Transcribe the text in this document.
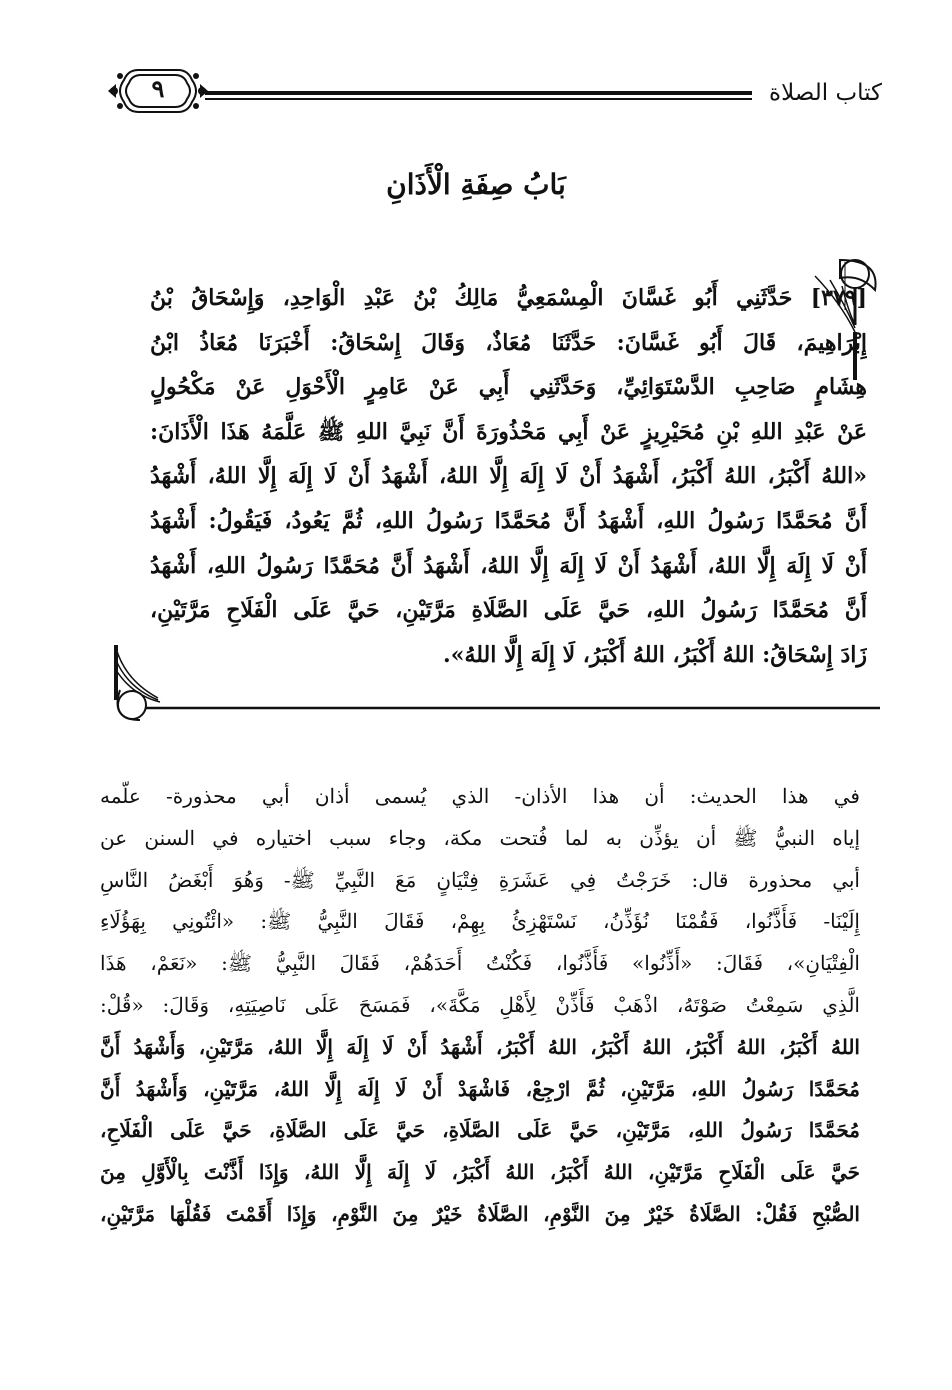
كتاب الصلاة
٩
بَابُ صِفَةِ الْأَذَانِ
[٣٧٩] حَدَّثَنِي أَبُو غَسَّانَ الْمِسْمَعِيُّ مَالِكُ بْنُ عَبْدِ الْوَاحِدِ، وَإِسْحَاقُ بْنُ
إِبْرَاهِيمَ، قَالَ أَبُو غَسَّانَ: حَدَّثَنَا مُعَاذٌ، وَقَالَ إِسْحَاقُ: أَخْبَرَنَا مُعَاذُ ابْنُ
هِشَامٍ صَاحِبِ الدَّسْتَوَائِيِّ، وَحَدَّثَنِي أَبِي عَنْ عَامِرٍ الْأَحْوَلِ عَنْ مَكْحُولٍ
عَنْ عَبْدِ اللهِ بْنِ مُحَيْرِيزٍ عَنْ أَبِي مَحْذُورَةَ أَنَّ نَبِيَّ اللهِ ﷺ عَلَّمَهُ هَذَا الْأَذَانَ:
«اللهُ أَكْبَرُ، اللهُ أَكْبَرُ، أَشْهَدُ أَنْ لَا إِلَهَ إِلَّا اللهُ، أَشْهَدُ أَنْ لَا إِلَهَ إِلَّا اللهُ، أَشْهَدُ
أَنَّ مُحَمَّدًا رَسُولُ اللهِ، أَشْهَدُ أَنَّ مُحَمَّدًا رَسُولُ اللهِ، ثُمَّ يَعُودُ، فَيَقُولُ: أَشْهَدُ
أَنْ لَا إِلَهَ إِلَّا اللهُ، أَشْهَدُ أَنْ لَا إِلَهَ إِلَّا اللهُ، أَشْهَدُ أَنَّ مُحَمَّدًا رَسُولُ اللهِ، أَشْهَدُ
أَنَّ مُحَمَّدًا رَسُولُ اللهِ، حَيَّ عَلَى الصَّلَاةِ مَرَّتَيْنِ، حَيَّ عَلَى الْفَلَاحِ مَرَّتَيْنِ،
زَادَ إِسْحَاقُ: اللهُ أَكْبَرُ، اللهُ أَكْبَرُ، لَا إِلَهَ إِلَّا اللهُ».
في هذا الحديث: أن هذا الأذان- الذي يُسمى أذان أبي محذورة- علّمه
إياه النبيُّ ﷺ أن يؤذِّن به لما فُتحت مكة، وجاء سبب اختياره في السنن عن
أبي محذورة قال: خَرَجْتُ فِي عَشَرَةِ فِتْيَانٍ مَعَ النَّبِيِّ ﷺ- وَهُوَ أَبْغَضُ النَّاسِ
إِلَيْنَا- فَأَذَّنُوا، فَقُمْنَا نُؤَذِّنُ، نَسْتَهْزِئُ بِهِمْ، فَقَالَ النَّبِيُّ ﷺ: «ائْتُونِي بِهَؤُلَاءِ
الْفِتْيَانِ»، فَقَالَ: «أَذِّنُوا» فَأَذَّنُوا، فَكُنْتُ أَحَدَهُمْ، فَقَالَ النَّبِيُّ ﷺ: «نَعَمْ، هَذَا
الَّذِي سَمِعْتُ صَوْتَهُ، اذْهَبْ فَأَذِّنْ لِأَهْلِ مَكَّةَ»، فَمَسَحَ عَلَى نَاصِيَتِهِ، وَقَالَ: «قُلْ:
اللهُ أَكْبَرُ، اللهُ أَكْبَرُ، اللهُ أَكْبَرُ، اللهُ أَكْبَرُ، أَشْهَدُ أَنْ لَا إِلَهَ إِلَّا اللهُ، مَرَّتَيْنِ، وَأَشْهَدُ أَنَّ
مُحَمَّدًا رَسُولُ اللهِ، مَرَّتَيْنِ، ثُمَّ ارْجِعْ، فَاشْهَدْ أَنْ لَا إِلَهَ إِلَّا اللهُ، مَرَّتَيْنِ، وَأَشْهَدُ أَنَّ
مُحَمَّدًا رَسُولُ اللهِ، مَرَّتَيْنِ، حَيَّ عَلَى الصَّلَاةِ، حَيَّ عَلَى الصَّلَاةِ، حَيَّ عَلَى الْفَلَاحِ،
حَيَّ عَلَى الْفَلَاحِ مَرَّتَيْنِ، اللهُ أَكْبَرُ، اللهُ أَكْبَرُ، لَا إِلَهَ إِلَّا اللهُ، وَإِذَا أَذَّنْتَ بِالْأَوَّلِ مِنَ
الصُّبْحِ فَقُلْ: الصَّلَاةُ خَيْرٌ مِنَ النَّوْمِ، الصَّلَاةُ خَيْرٌ مِنَ النَّوْمِ، وَإِذَا أَقَمْتَ فَقُلْهَا مَرَّتَيْنِ،
